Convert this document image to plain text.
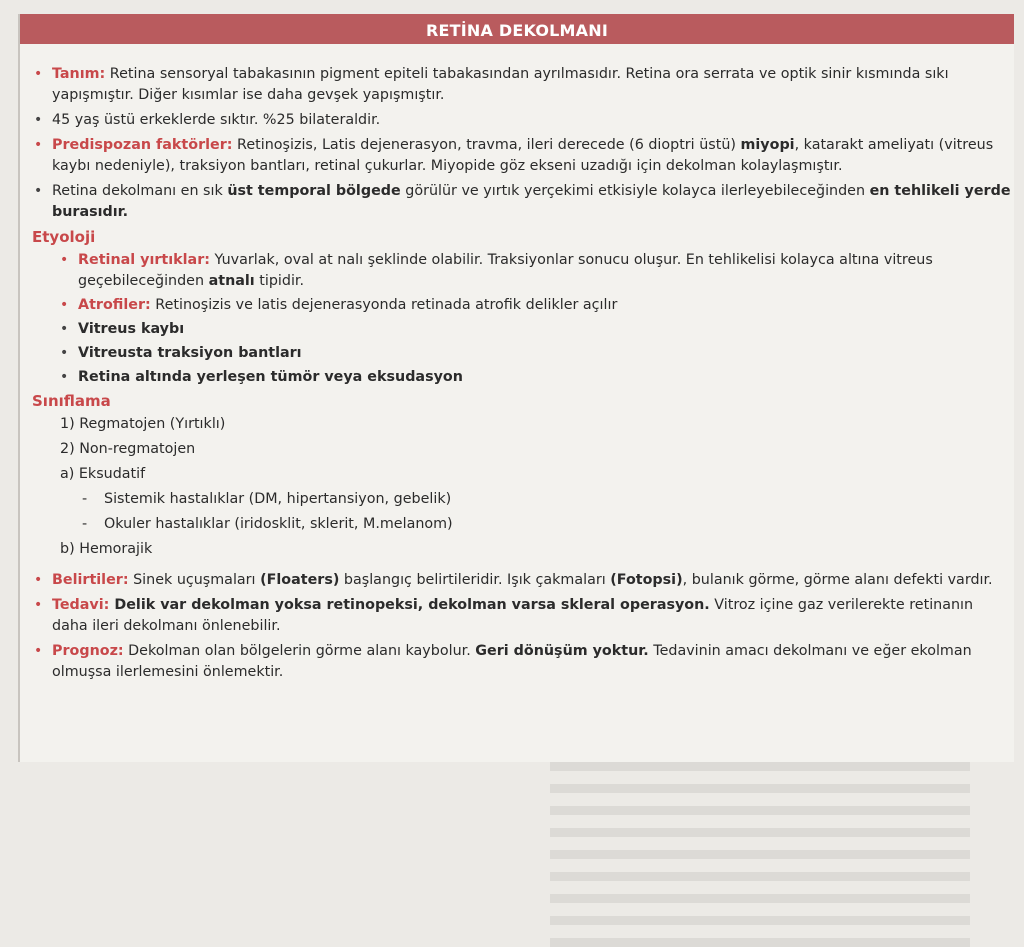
RETİNA DEKOLMANI
• Tanım: Retina sensoryal tabakasının pigment epiteli tabakasından ayrılmasıdır. Retina ora serrata ve optik sinir kısmında sıkı yapışmıştır. Diğer kısımlar ise daha gevşek yapışmıştır.
• 45 yaş üstü erkeklerde sıktır. %25 bilateraldir.
• Predispozan faktörler: Retinoşizis, Latis dejenerasyon, travma, ileri derecede (6 dioptri üstü) miyopi, katarakt ameliyatı (vitreus kaybı nedeniyle), traksiyon bantları, retinal çukurlar. Miyopide göz ekseni uzadığı için dekolman kolaylaşmıştır.
• Retina dekolmanı en sık üst temporal bölgede görülür ve yırtık yerçekimi etkisiyle kolayca ilerleyebileceğinden en tehlikeli yerde burasıdır.
Etyoloji
• Retinal yırtıklar: Yuvarlak, oval at nalı şeklinde olabilir. Traksiyonlar sonucu oluşur. En tehlikelisi kolayca altına vitreus geçebileceğinden atnalı tipidir.
• Atrofiler: Retinoşizis ve latis dejenerasyonda retinada atrofik delikler açılır
• Vitreus kaybı
• Vitreusta traksiyon bantları
• Retina altında yerleşen tümör veya eksudasyon
Sınıflama
1) Regmatojen (Yırtıklı)
2) Non-regmatojen
a) Eksudatif
- Sistemik hastalıklar (DM, hipertansiyon, gebelik)
- Okuler hastalıklar (iridosklit, sklerit, M.melanom)
b) Hemorajik
• Belirtiler: Sinek uçuşmaları (Floaters) başlangıç belirtileridir. Işık çakmaları (Fotopsi), bulanık görme, görme alanı defekti vardır.
• Tedavi: Delik var dekolman yoksa retinopeksi, dekolman varsa skleral operasyon. Vitroz içine gaz verilerekte retinanın daha ileri dekolmanı önlenebilir.
• Prognoz: Dekolman olan bölgelerin görme alanı kaybolur. Geri dönüşüm yoktur. Tedavinin amacı dekolmanı ve eğer ekolman olmuşsa ilerlemesini önlemektir.
